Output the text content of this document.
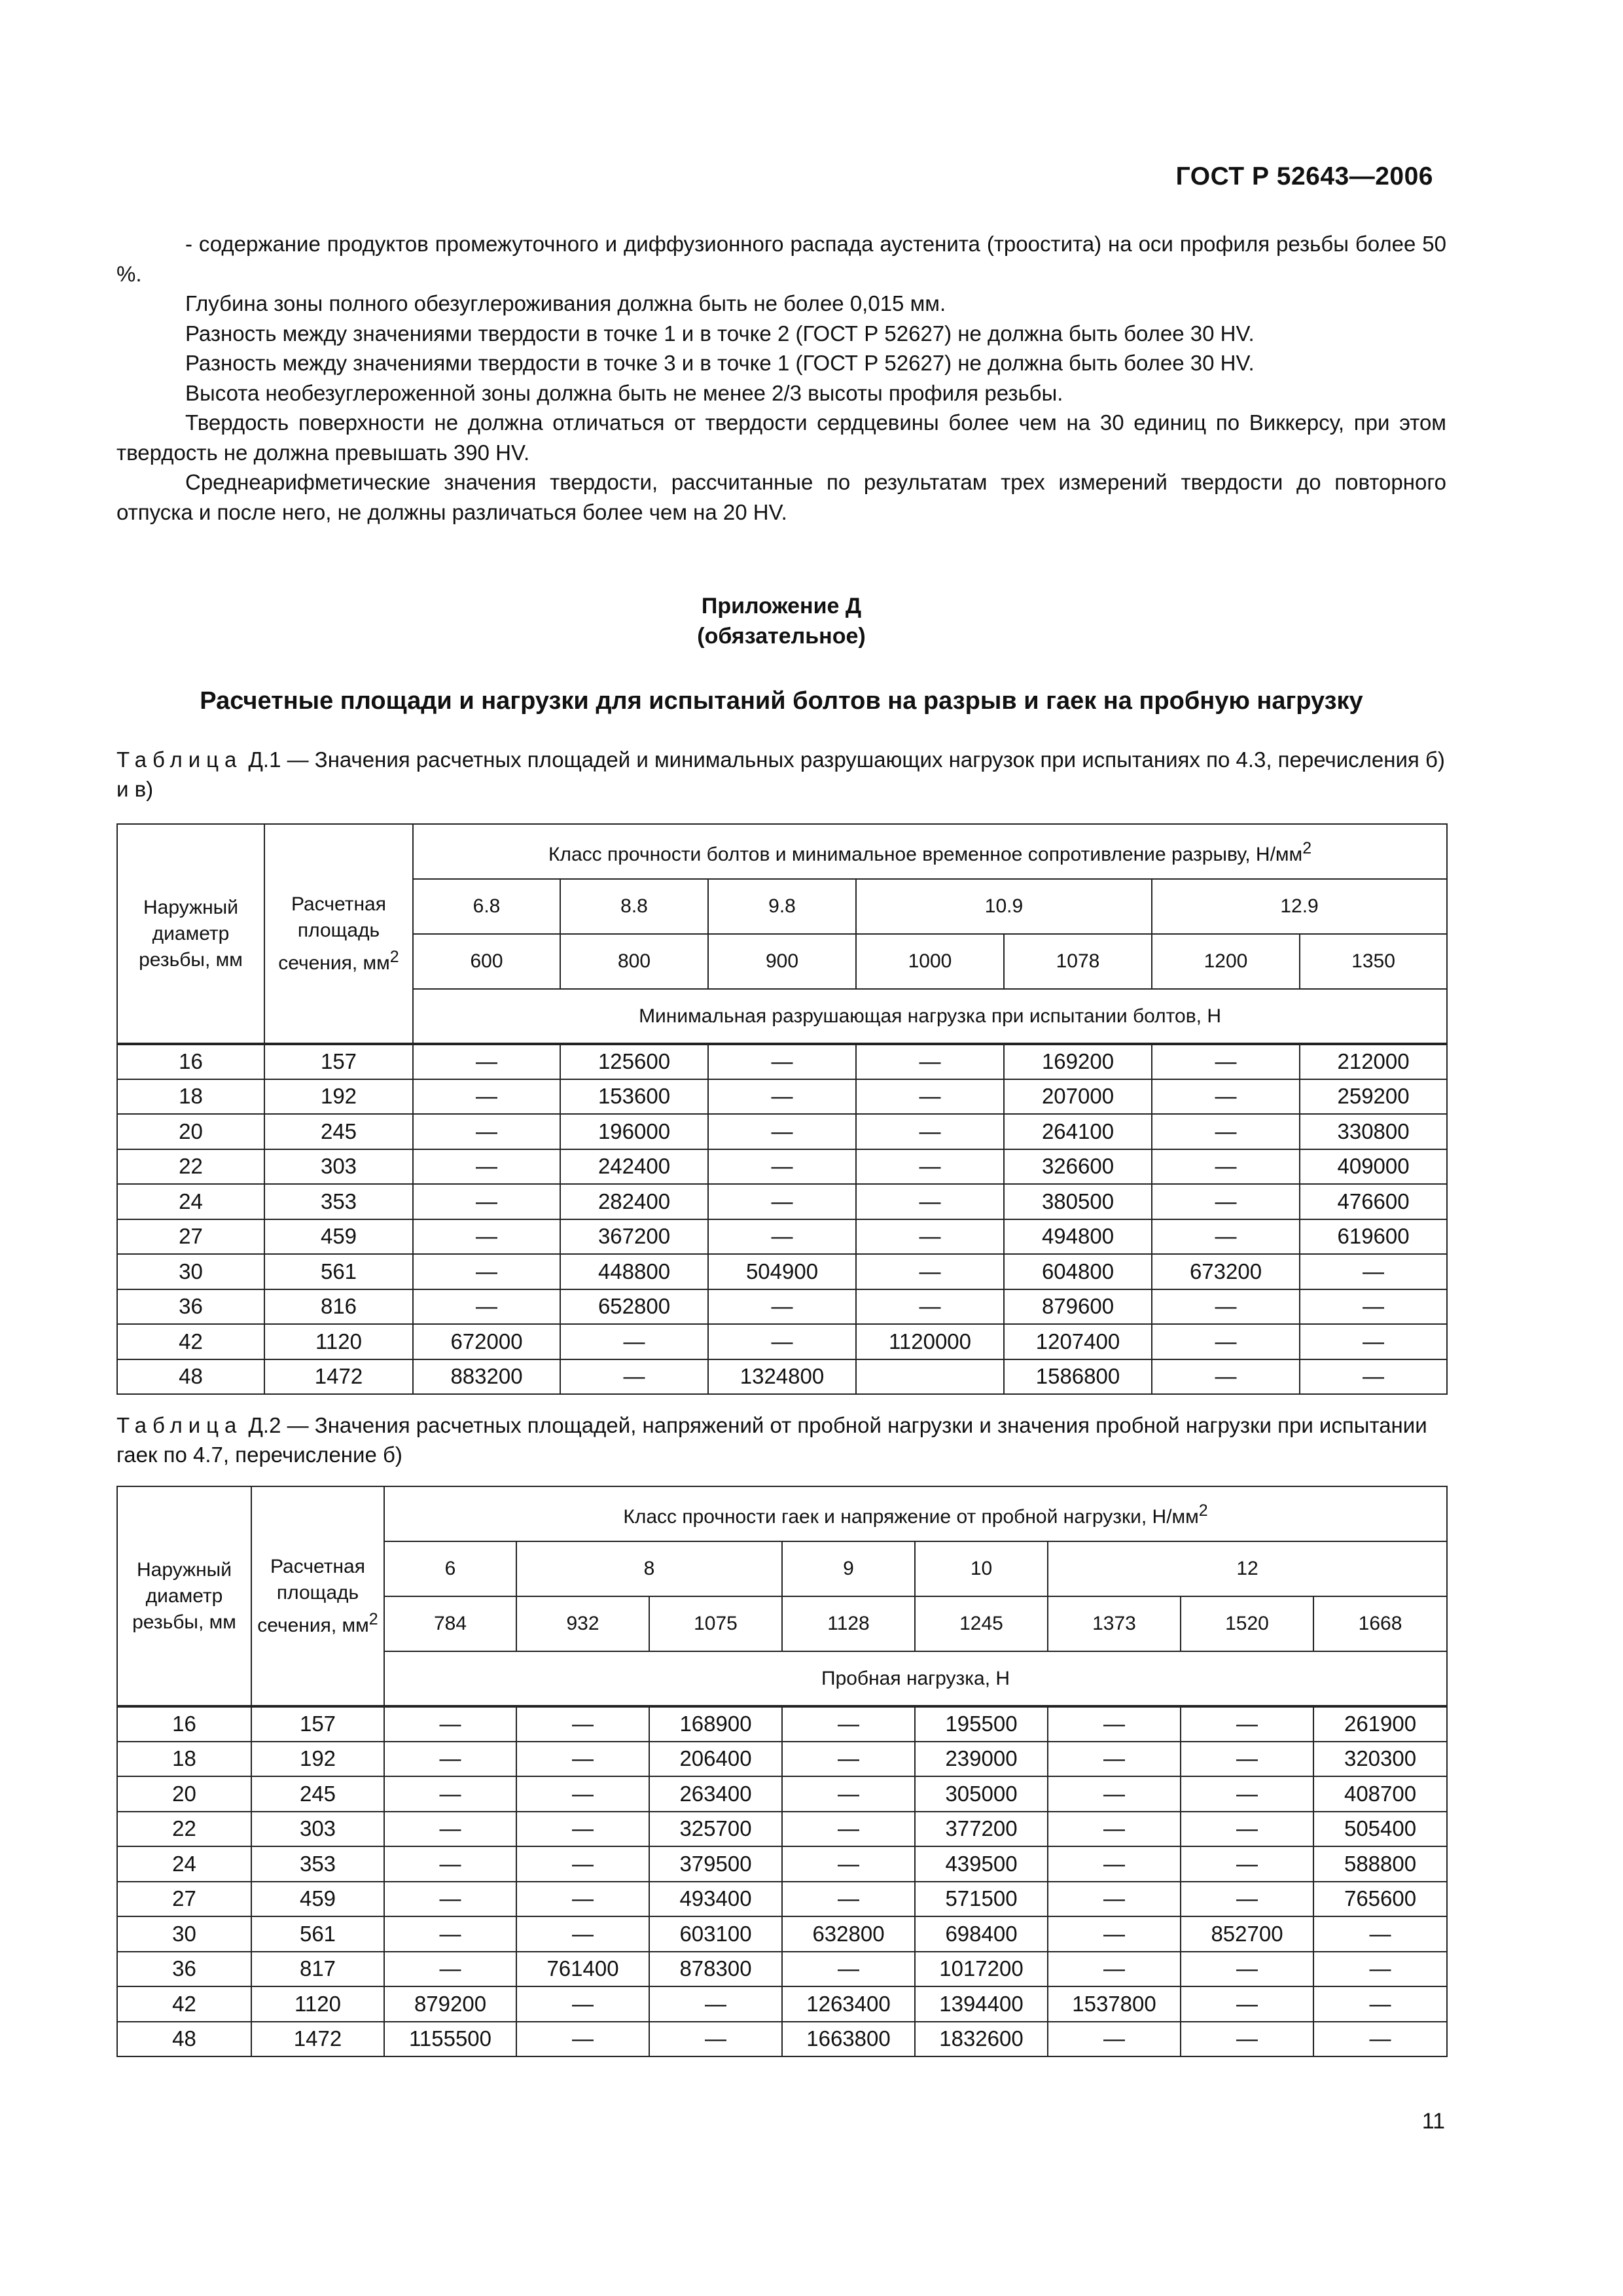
ГОСТ Р 52643—2006

- содержание продуктов промежуточного и диффузионного распада аустенита (троостита) на оси профиля резьбы более 50 %.

Глубина зоны полного обезуглероживания должна быть не более 0,015 мм.

Разность между значениями твердости в точке 1 и в точке 2 (ГОСТ Р 52627) не должна быть более 30 HV.

Разность между значениями твердости в точке 3 и в точке 1 (ГОСТ Р 52627) не должна быть более 30 HV.

Высота необезуглероженной зоны должна быть не менее 2/3 высоты профиля резьбы.

Твердость поверхности не должна отличаться от твердости сердцевины более чем на 30 единиц по Виккерсу, при этом твердость не должна превышать 390 HV.

Среднеарифметические значения твердости, рассчитанные по результатам трех измерений твердости до повторного отпуска и после него, не должны различаться более чем на 20 HV.

Приложение Д
(обязательное)
Расчетные площади и нагрузки для испытаний болтов на разрыв и гаек на пробную нагрузку
Таблица Д.1 — Значения расчетных площадей и минимальных разрушающих нагрузок при испытаниях по 4.3, перечисления б) и в)
Наружный диаметр резьбы, мм	Расчетная площадь сечения, $мм^2$	Класс прочности болтов и минимальное временное сопротивление разрыву, $Н/мм^2$
		6.8	8.8	9.8	10.9		12.9	
		600	800	900	1000	1078	1200	1350
		Минимальная разрушающая нагрузка при испытании болтов, Н						
16	157	—	125600	—	—	169200	—	212000
18	192	—	153600	—	—	207000	—	259200
20	245	—	196000	—	—	264100	—	330800
22	303	—	242400	—	—	326600	—	409000
24	353	—	282400	—	—	380500	—	476600
27	459	—	367200	—	—	494800	—	619600
30	561	—	448800	504900	—	604800	673200	—
36	816	—	652800	—	—	879600	—	—
42	1120	672000	—	—	1120000	1207400	—	—
48	1472	883200	—	1324800		1586800	—	—
Таблица Д.2 — Значения расчетных площадей, напряжений от пробной нагрузки и значения пробной нагрузки при испытании гаек по 4.7, перечисление б)
Наружный диаметр резьбы, мм	Расчетная площадь сечения, $мм^2$	Класс прочности гаек и напряжение от пробной нагрузки, $Н/мм^2$
		6	8		9	10	12		
		784	932	1075	1128	1245	1373	1520	1668
		Пробная нагрузка, Н							
16	157	—	—	168900	—	195500	—	—	261900
18	192	—	—	206400	—	239000	—	—	320300
20	245	—	—	263400	—	305000	—	—	408700
22	303	—	—	325700	—	377200	—	—	505400
24	353	—	—	379500	—	439500	—	—	588800
27	459	—	—	493400	—	571500	—	—	765600
30	561	—	—	603100	632800	698400	—	852700	—
36	817	—	761400	878300	—	1017200	—	—	—
42	1120	879200	—	—	1263400	1394400	1537800	—	—
48	1472	1155500	—	—	1663800	1832600	—	—	—
11
